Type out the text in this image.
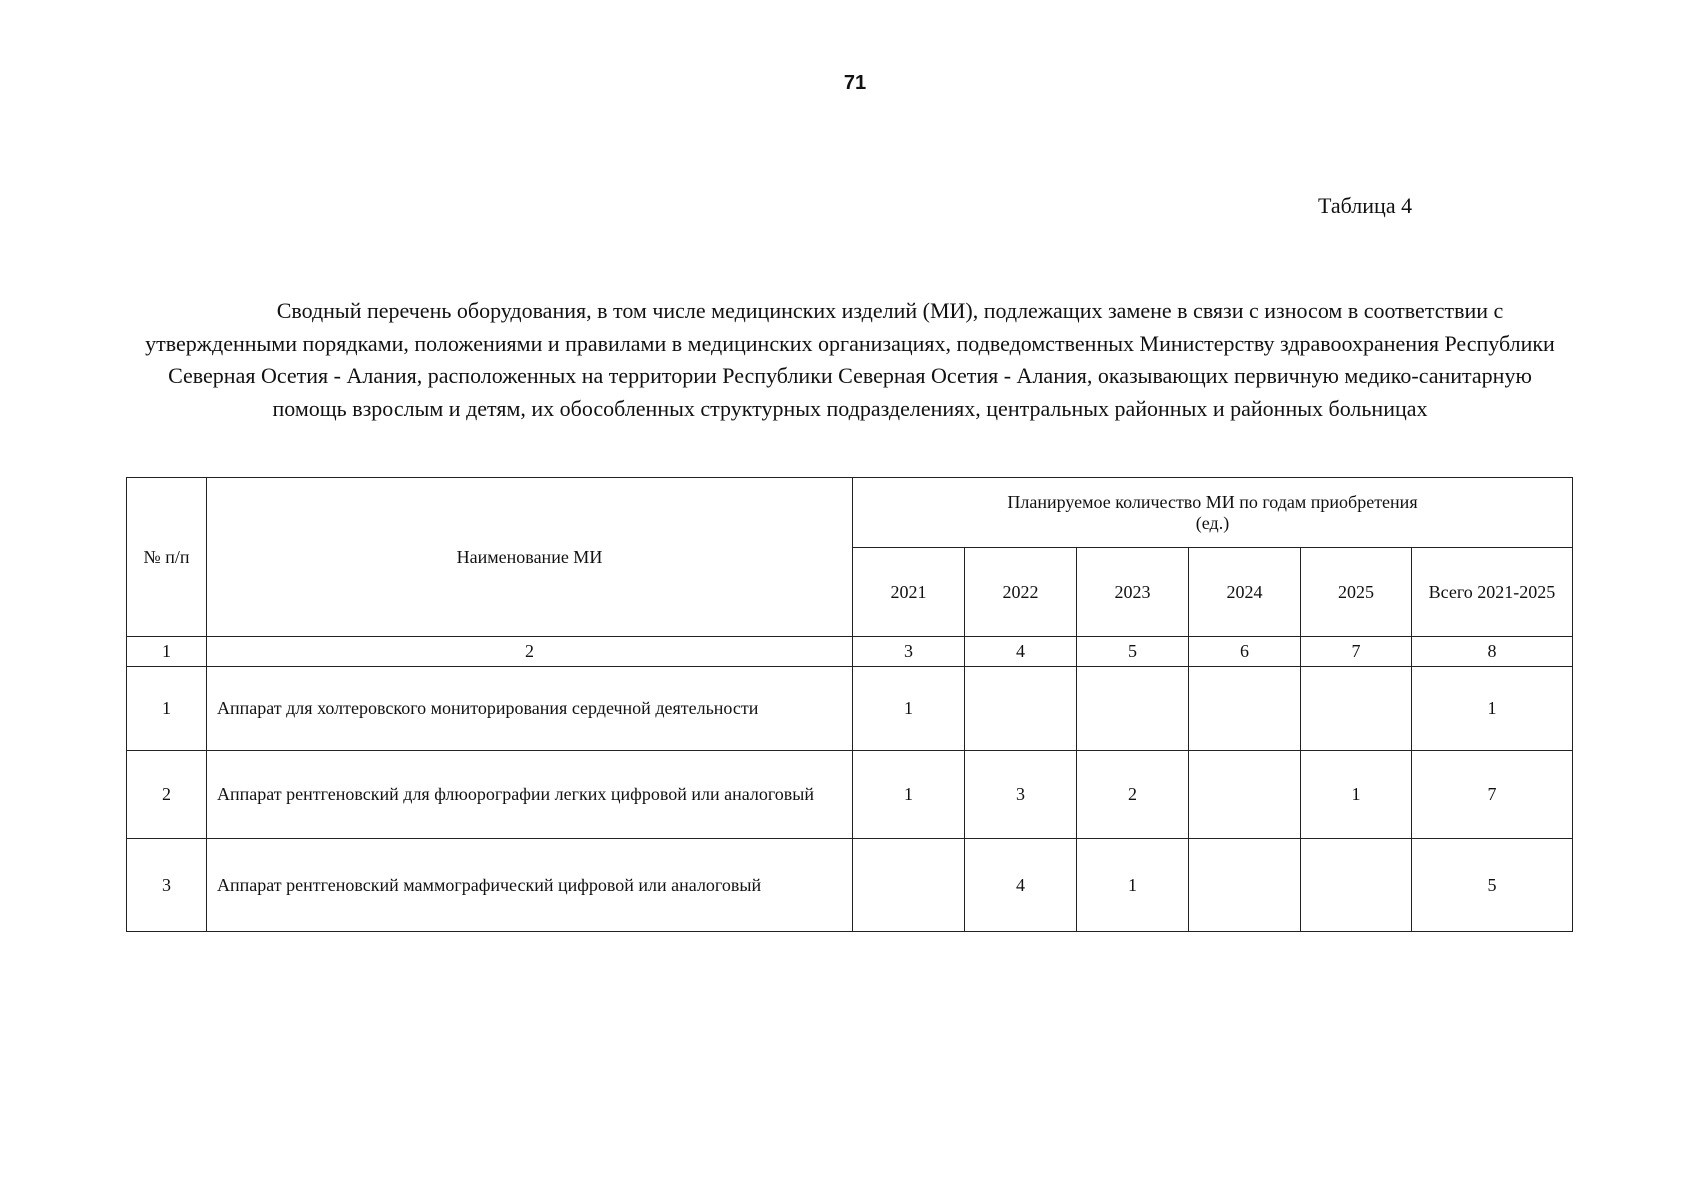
71
Таблица 4
Сводный перечень оборудования, в том числе медицинских изделий (МИ), подлежащих замене в связи с износом в соответствии с утвержденными порядками, положениями и правилами в медицинских организациях, подведомственных Министерству здравоохранения Республики Северная Осетия - Алания, расположенных на территории Республики Северная Осетия - Алания, оказывающих первичную медико-санитарную помощь взрослым и детям, их обособленных структурных подразделениях, центральных районных и районных больницах
№ п/п	Наименование МИ	Планируемое количество МИ по годам приобретения
(ед.)					

		2021	2022	2023	2024	2025	Всего 2021-2025
1	2	3	4	5	6	7	8
1	Аппарат для холтеровского мониторирования сердечной деятельности	1					1
2	Аппарат рентгеновский для флюорографии легких цифровой или аналоговый	1	3	2		1	7
3	Аппарат рентгеновский маммографический цифровой или аналоговый		4	1			5
